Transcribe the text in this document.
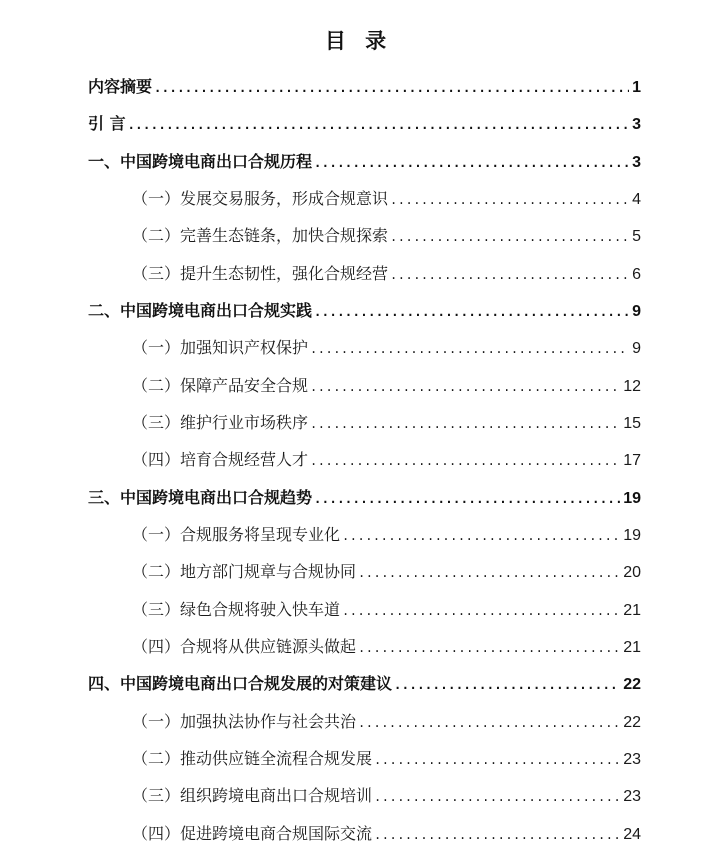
目 录
内容摘要 .....	1
引 言 .....	3
一、中国跨境电商出口合规历程 .....	3
（一）发展交易服务，形成合规意识 .....	4
（二）完善生态链条，加快合规探索 .....	5
（三）提升生态韧性，强化合规经营 .....	6
二、中国跨境电商出口合规实践 .....	9
（一）加强知识产权保护 .....	9
（二）保障产品安全合规 .....	12
（三）维护行业市场秩序 .....	15
（四）培育合规经营人才 .....	17
三、中国跨境电商出口合规趋势 .....	19
（一）合规服务将呈现专业化 .....	19
（二）地方部门规章与合规协同 .....	20
（三）绿色合规将驶入快车道 .....	21
（四）合规将从供应链源头做起 .....	21
四、中国跨境电商出口合规发展的对策建议 .....	22
（一）加强执法协作与社会共治 .....	22
（二）推动供应链全流程合规发展 .....	23
（三）组织跨境电商出口合规培训 .....	23
（四）促进跨境电商合规国际交流 .....	24
